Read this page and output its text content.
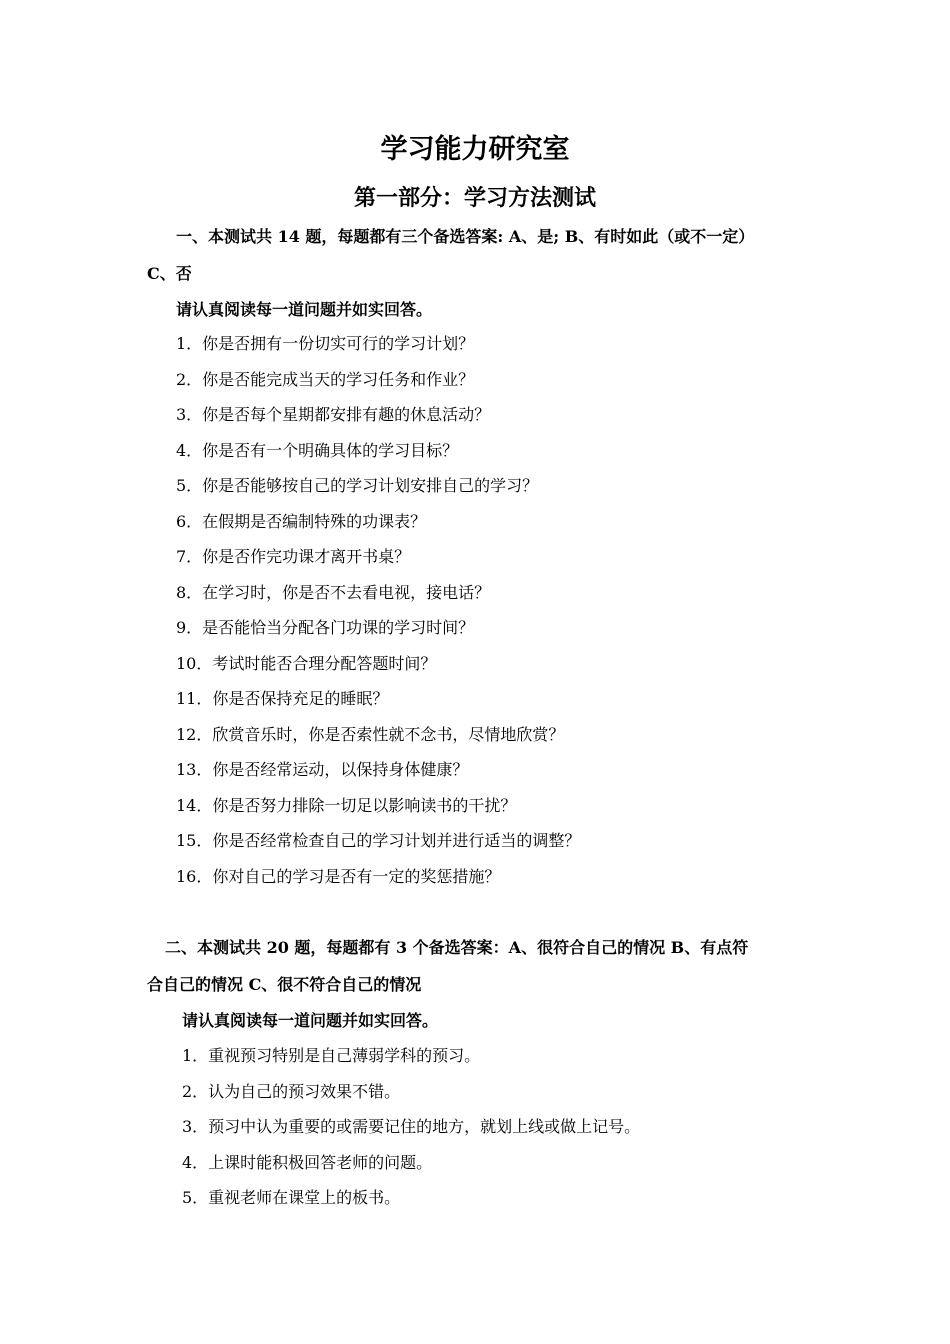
学习能力研究室
第一部分：学习方法测试
一、本测试共 14 题，每题都有三个备选答案: A、是; B、有时如此（或不一定）
C、否
请认真阅读每一道问题并如实回答。
1．你是否拥有一份切实可行的学习计划？
2．你是否能完成当天的学习任务和作业？
3．你是否每个星期都安排有趣的休息活动？
4．你是否有一个明确具体的学习目标？
5．你是否能够按自己的学习计划安排自己的学习？
6．在假期是否编制特殊的功课表？
7．你是否作完功课才离开书桌？
8．在学习时，你是否不去看电视，接电话？
9．是否能恰当分配各门功课的学习时间？
10．考试时能否合理分配答题时间？
11．你是否保持充足的睡眠？
12．欣赏音乐时，你是否索性就不念书，尽情地欣赏？
13．你是否经常运动，以保持身体健康？
14．你是否努力排除一切足以影响读书的干扰？
15．你是否经常检查自己的学习计划并进行适当的调整？
16．你对自己的学习是否有一定的奖惩措施？
二、本测试共 20 题，每题都有 3 个备选答案：A、很符合自己的情况 B、有点符
合自己的情况 C、很不符合自己的情况
请认真阅读每一道问题并如实回答。
1．重视预习特别是自己薄弱学科的预习。
2．认为自己的预习效果不错。
3．预习中认为重要的或需要记住的地方，就划上线或做上记号。
4．上课时能积极回答老师的问题。
5．重视老师在课堂上的板书。
